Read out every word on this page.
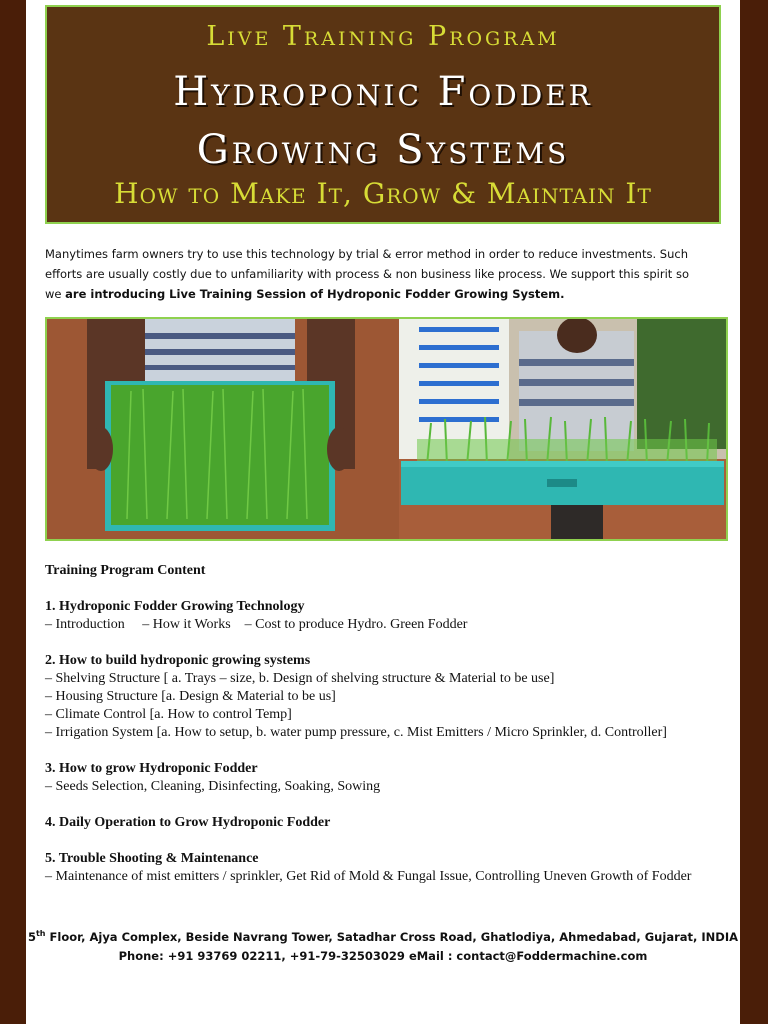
Live Training Program
Hydroponic Fodder
Growing Systems
How to Make It, Grow & Maintain It
Manytimes farm owners try to use this technology by trial & error method in order to reduce investments. Such efforts are usually costly due to unfamiliarity with process & non business like process. We support this spirit so we are introducing Live Training Session of Hydroponic Fodder Growing System.
Training Program Content
1. Hydroponic Fodder Growing Technology
– Introduction     – How it Works    – Cost to produce Hydro. Green Fodder
2. How to build hydroponic growing systems
– Shelving Structure [ a. Trays – size, b. Design of shelving structure & Material to be use]
– Housing Structure [a. Design & Material to be us]
– Climate Control [a. How to control Temp]
– Irrigation System [a. How to setup, b. water pump pressure, c. Mist Emitters / Micro Sprinkler, d. Controller]
3. How to grow Hydroponic Fodder
– Seeds Selection, Cleaning, Disinfecting, Soaking, Sowing
4. Daily Operation to Grow Hydroponic Fodder
5. Trouble Shooting & Maintenance
– Maintenance of mist emitters / sprinkler, Get Rid of Mold & Fungal Issue, Controlling Uneven Growth of Fodder
5th Floor, Ajya Complex, Beside Navrang Tower, Satadhar Cross Road, Ghatlodiya, Ahmedabad, Gujarat, INDIA
Phone: +91 93769 02211, +91-79-32503029 eMail : contact@Foddermachine.com
